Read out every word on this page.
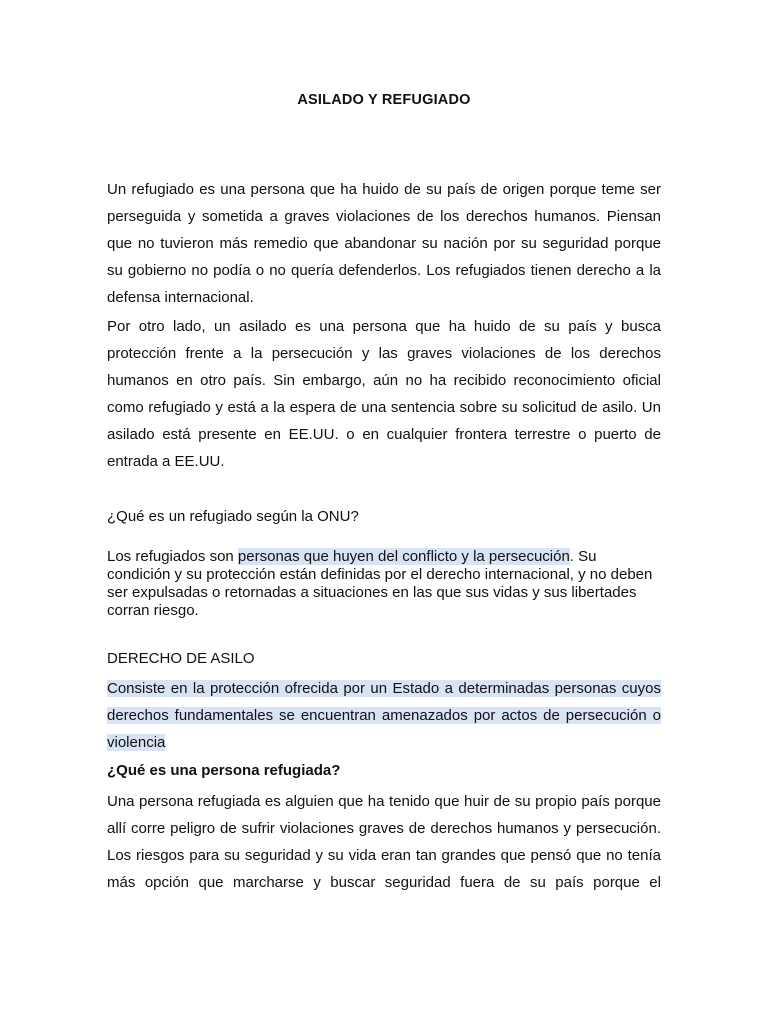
ASILADO Y REFUGIADO

Un refugiado es una persona que ha huido de su país de origen porque teme ser perseguida y sometida a graves violaciones de los derechos humanos. Piensan que no tuvieron más remedio que abandonar su nación por su seguridad porque su gobierno no podía o no quería defenderlos. Los refugiados tienen derecho a la defensa internacional.

Por otro lado, un asilado es una persona que ha huido de su país y busca protección frente a la persecución y las graves violaciones de los derechos humanos en otro país. Sin embargo, aún no ha recibido reconocimiento oficial como refugiado y está a la espera de una sentencia sobre su solicitud de asilo. Un asilado está presente en EE.UU. o en cualquier frontera terrestre o puerto de entrada a EE.UU.

¿Qué es un refugiado según la ONU?

Los refugiados son personas que huyen del conflicto y la persecución. Su condición y su protección están definidas por el derecho internacional, y no deben ser expulsadas o retornadas a situaciones en las que sus vidas y sus libertades corran riesgo.

DERECHO DE ASILO

Consiste en la protección ofrecida por un Estado a determinadas personas cuyos derechos fundamentales se encuentran amenazados por actos de persecución o violencia

¿Qué es una persona refugiada?

Una persona refugiada es alguien que ha tenido que huir de su propio país porque allí corre peligro de sufrir violaciones graves de derechos humanos y persecución. Los riesgos para su seguridad y su vida eran tan grandes que pensó que no tenía más opción que marcharse y buscar seguridad fuera de su país porque el
